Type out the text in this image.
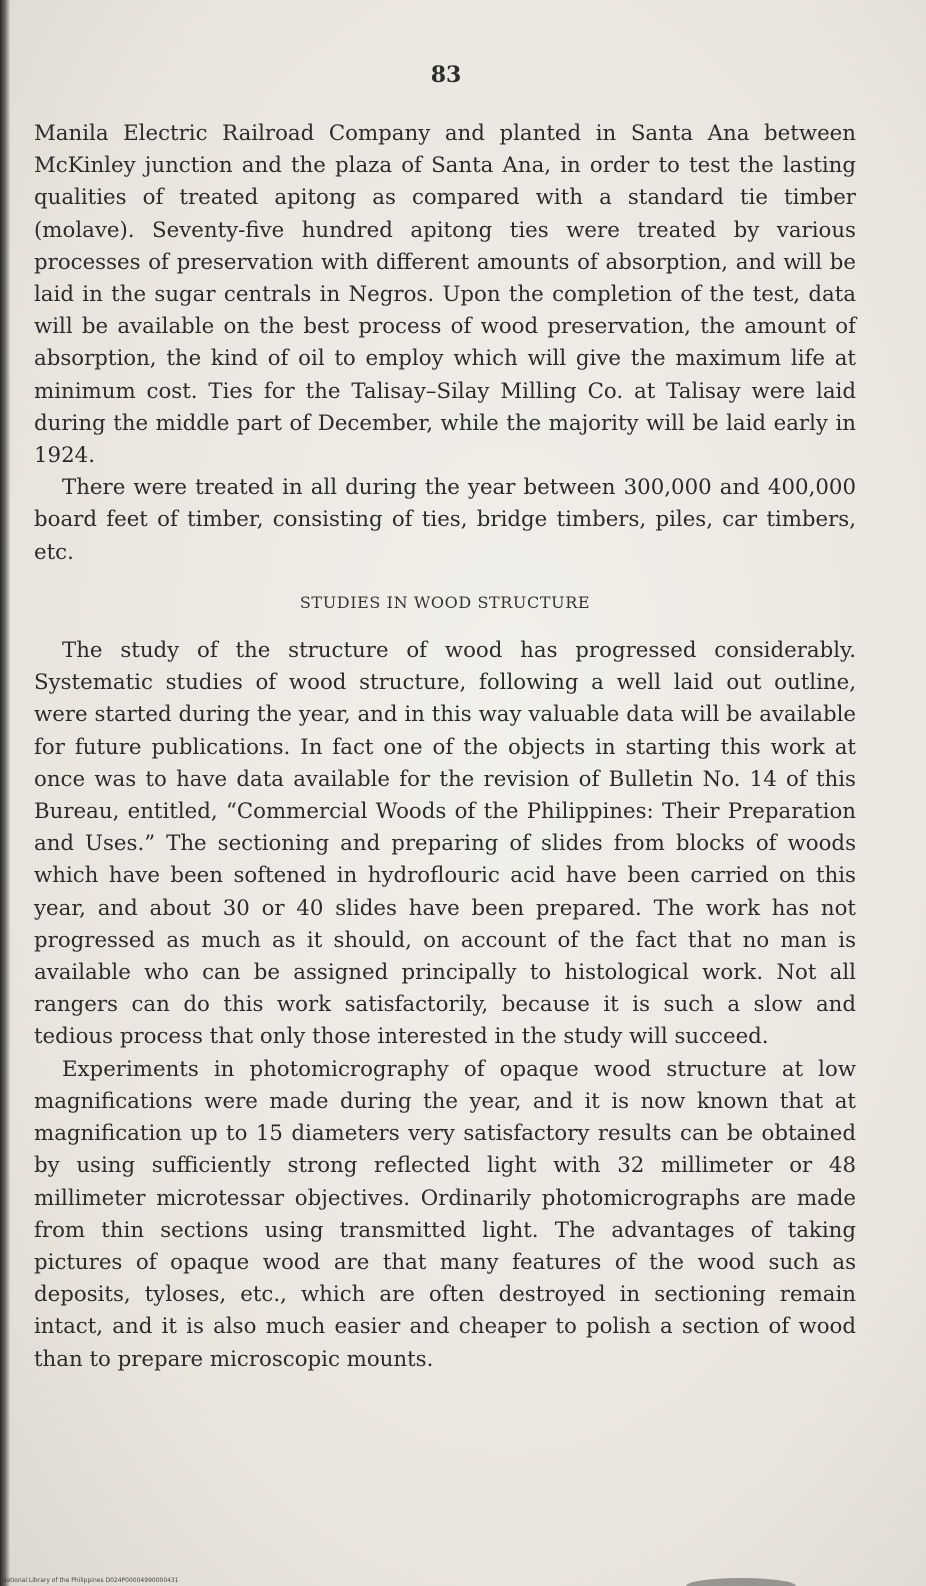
83

Manila Electric Railroad Company and planted in Santa Ana between McKinley junction and the plaza of Santa Ana, in order to test the lasting qualities of treated apitong as compared with a standard tie timber (molave). Seventy-five hundred apitong ties were treated by various processes of preservation with different amounts of absorption, and will be laid in the sugar centrals in Negros. Upon the completion of the test, data will be available on the best process of wood preservation, the amount of absorption, the kind of oil to employ which will give the maximum life at minimum cost. Ties for the Talisay–Silay Milling Co. at Talisay were laid during the middle part of December, while the majority will be laid early in 1924.

There were treated in all during the year between 300,000 and 400,000 board feet of timber, consisting of ties, bridge timbers, piles, car timbers, etc.

STUDIES IN WOOD STRUCTURE

The study of the structure of wood has progressed considerably. Systematic studies of wood structure, following a well laid out outline, were started during the year, and in this way valuable data will be available for future publications. In fact one of the objects in starting this work at once was to have data available for the revision of Bulletin No. 14 of this Bureau, entitled, “Commercial Woods of the Philippines: Their Preparation and Uses.” The sectioning and preparing of slides from blocks of woods which have been softened in hydroflouric acid have been carried on this year, and about 30 or 40 slides have been prepared. The work has not progressed as much as it should, on account of the fact that no man is available who can be assigned principally to histological work. Not all rangers can do this work satisfactorily, because it is such a slow and tedious process that only those interested in the study will succeed.

Experiments in photomicrography of opaque wood structure at low magnifications were made during the year, and it is now known that at magnification up to 15 diameters very satisfactory results can be obtained by using sufficiently strong reflected light with 32 millimeter or 48 millimeter microtessar objectives. Ordinarily photomicrographs are made from thin sections using transmitted light. The advantages of taking pictures of opaque wood are that many features of the wood such as deposits, tyloses, etc., which are often destroyed in sectioning remain intact, and it is also much easier and cheaper to polish a section of wood than to prepare microscopic mounts.

National Library of the Philippines D024P00004990000431
